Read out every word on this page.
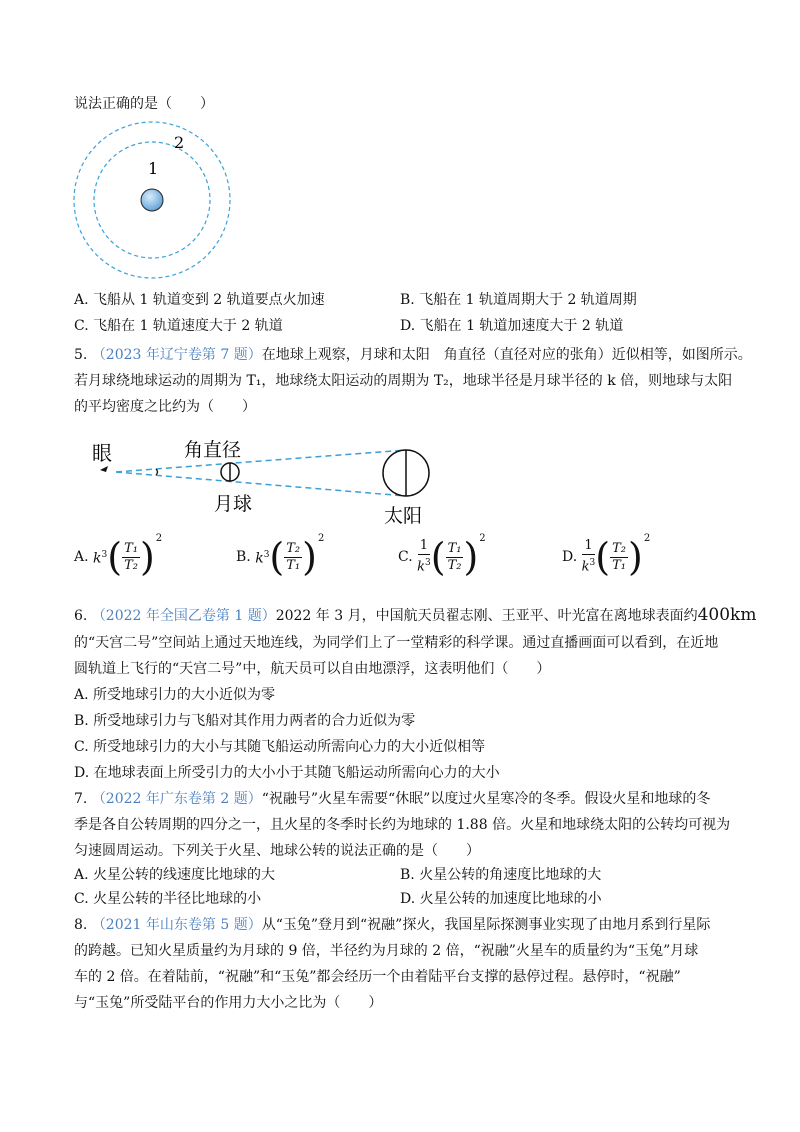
说法正确的是（　　）
1
2
A. 飞船从 1 轨道变到 2 轨道要点火加速	B. 飞船在 1 轨道周期大于 2 轨道周期
C. 飞船在 1 轨道速度大于 2 轨道	D. 飞船在 1 轨道加速度大于 2 轨道
5. （2023 年辽宁卷第 7 题）在地球上观察，月球和太阳　角直径（直径对应的张角）近似相等，如图所示。
若月球绕地球运动的周期为 T₁，地球绕太阳运动的周期为 T₂，地球半径是月球半径的 k 倍，则地球与太阳
的平均密度之比约为（　　）
眼	角直径
月球
太阳
A.
$k^3$ ( $\frac{\text{T₁}}{\text{T₂}}$ ) 2
B.
$k^3$ ( $\frac{\text{T₂}}{\text{T₁}}$ ) 2
C.
$\frac{1}{k^3}$ ( $\frac{\text{T₁}}{\text{T₂}}$ ) 2
D.
$\frac{1}{k^3}$ ( $\frac{\text{T₂}}{\text{T₁}}$ ) 2
6. （2022 年全国乙卷第 1 题）2022 年 3 月，中国航天员翟志刚、王亚平、叶光富在离地球表面约400km
的“天宫二号”空间站上通过天地连线，为同学们上了一堂精彩的科学课。通过直播画面可以看到，在近地
圆轨道上飞行的“天宫二号”中，航天员可以自由地漂浮，这表明他们（　　）
A. 所受地球引力的大小近似为零
B. 所受地球引力与飞船对其作用力两者的合力近似为零
C. 所受地球引力的大小与其随飞船运动所需向心力的大小近似相等
D. 在地球表面上所受引力的大小小于其随飞船运动所需向心力的大小
7. （2022 年广东卷第 2 题）“祝融号”火星车需要“休眠”以度过火星寒冷的冬季。假设火星和地球的冬
季是各自公转周期的四分之一，且火星的冬季时长约为地球的 1.88 倍。火星和地球绕太阳的公转均可视为
匀速圆周运动。下列关于火星、地球公转的说法正确的是（　　）
A. 火星公转的线速度比地球的大	B. 火星公转的角速度比地球的大
C. 火星公转的半径比地球的小	D. 火星公转的加速度比地球的小
8. （2021 年山东卷第 5 题）从“玉兔”登月到“祝融”探火，我国星际探测事业实现了由地月系到行星际
的跨越。已知火星质量约为月球的 9 倍，半径约为月球的 2 倍，“祝融”火星车的质量约为“玉兔”月球
车的 2 倍。在着陆前，“祝融”和“玉兔”都会经历一个由着陆平台支撑的悬停过程。悬停时，“祝融”
与“玉兔”所受陆平台的作用力大小之比为（　　）
